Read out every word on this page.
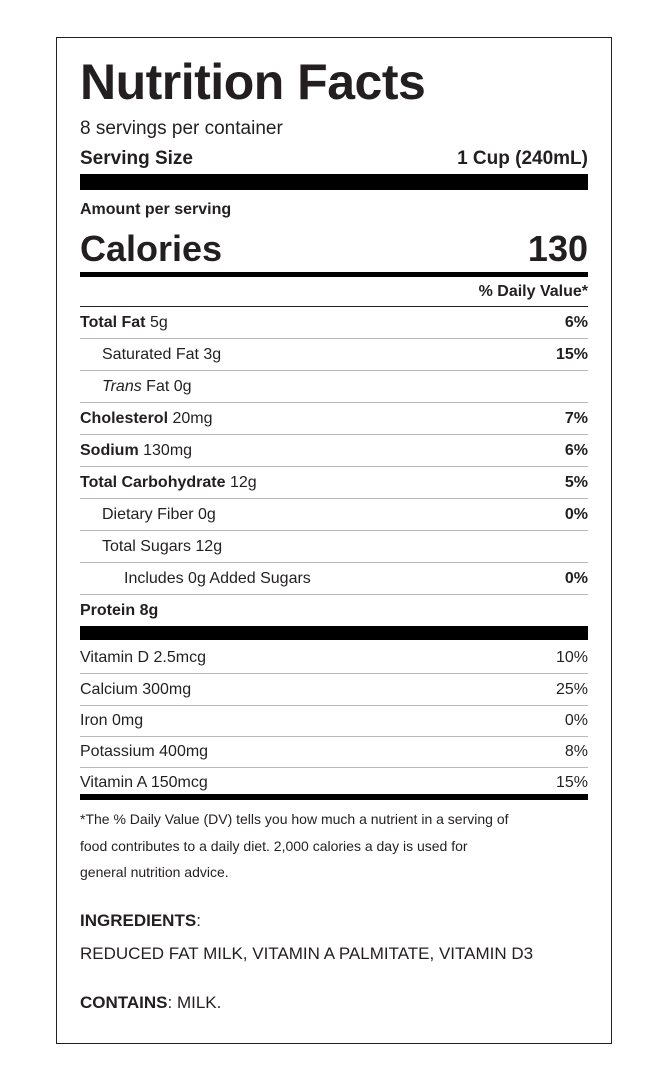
Nutrition Facts
8 servings per container
Serving Size	1 Cup (240mL)
Amount per serving
Calories	130
% Daily Value*
Total Fat 5g	6%
Saturated Fat 3g	15%
Trans Fat 0g
Cholesterol 20mg	7%
Sodium 130mg	6%
Total Carbohydrate 12g	5%
Dietary Fiber 0g	0%
Total Sugars 12g
Includes 0g Added Sugars	0%
Protein 8g
Vitamin D 2.5mcg	10%
Calcium 300mg	25%
Iron 0mg	0%
Potassium 400mg	8%
Vitamin A 150mcg	15%
*The % Daily Value (DV) tells you how much a nutrient in a serving of
food contributes to a daily diet. 2,000 calories a day is used for
general nutrition advice.
INGREDIENTS:
REDUCED FAT MILK, VITAMIN A PALMITATE, VITAMIN D3
CONTAINS: MILK.
